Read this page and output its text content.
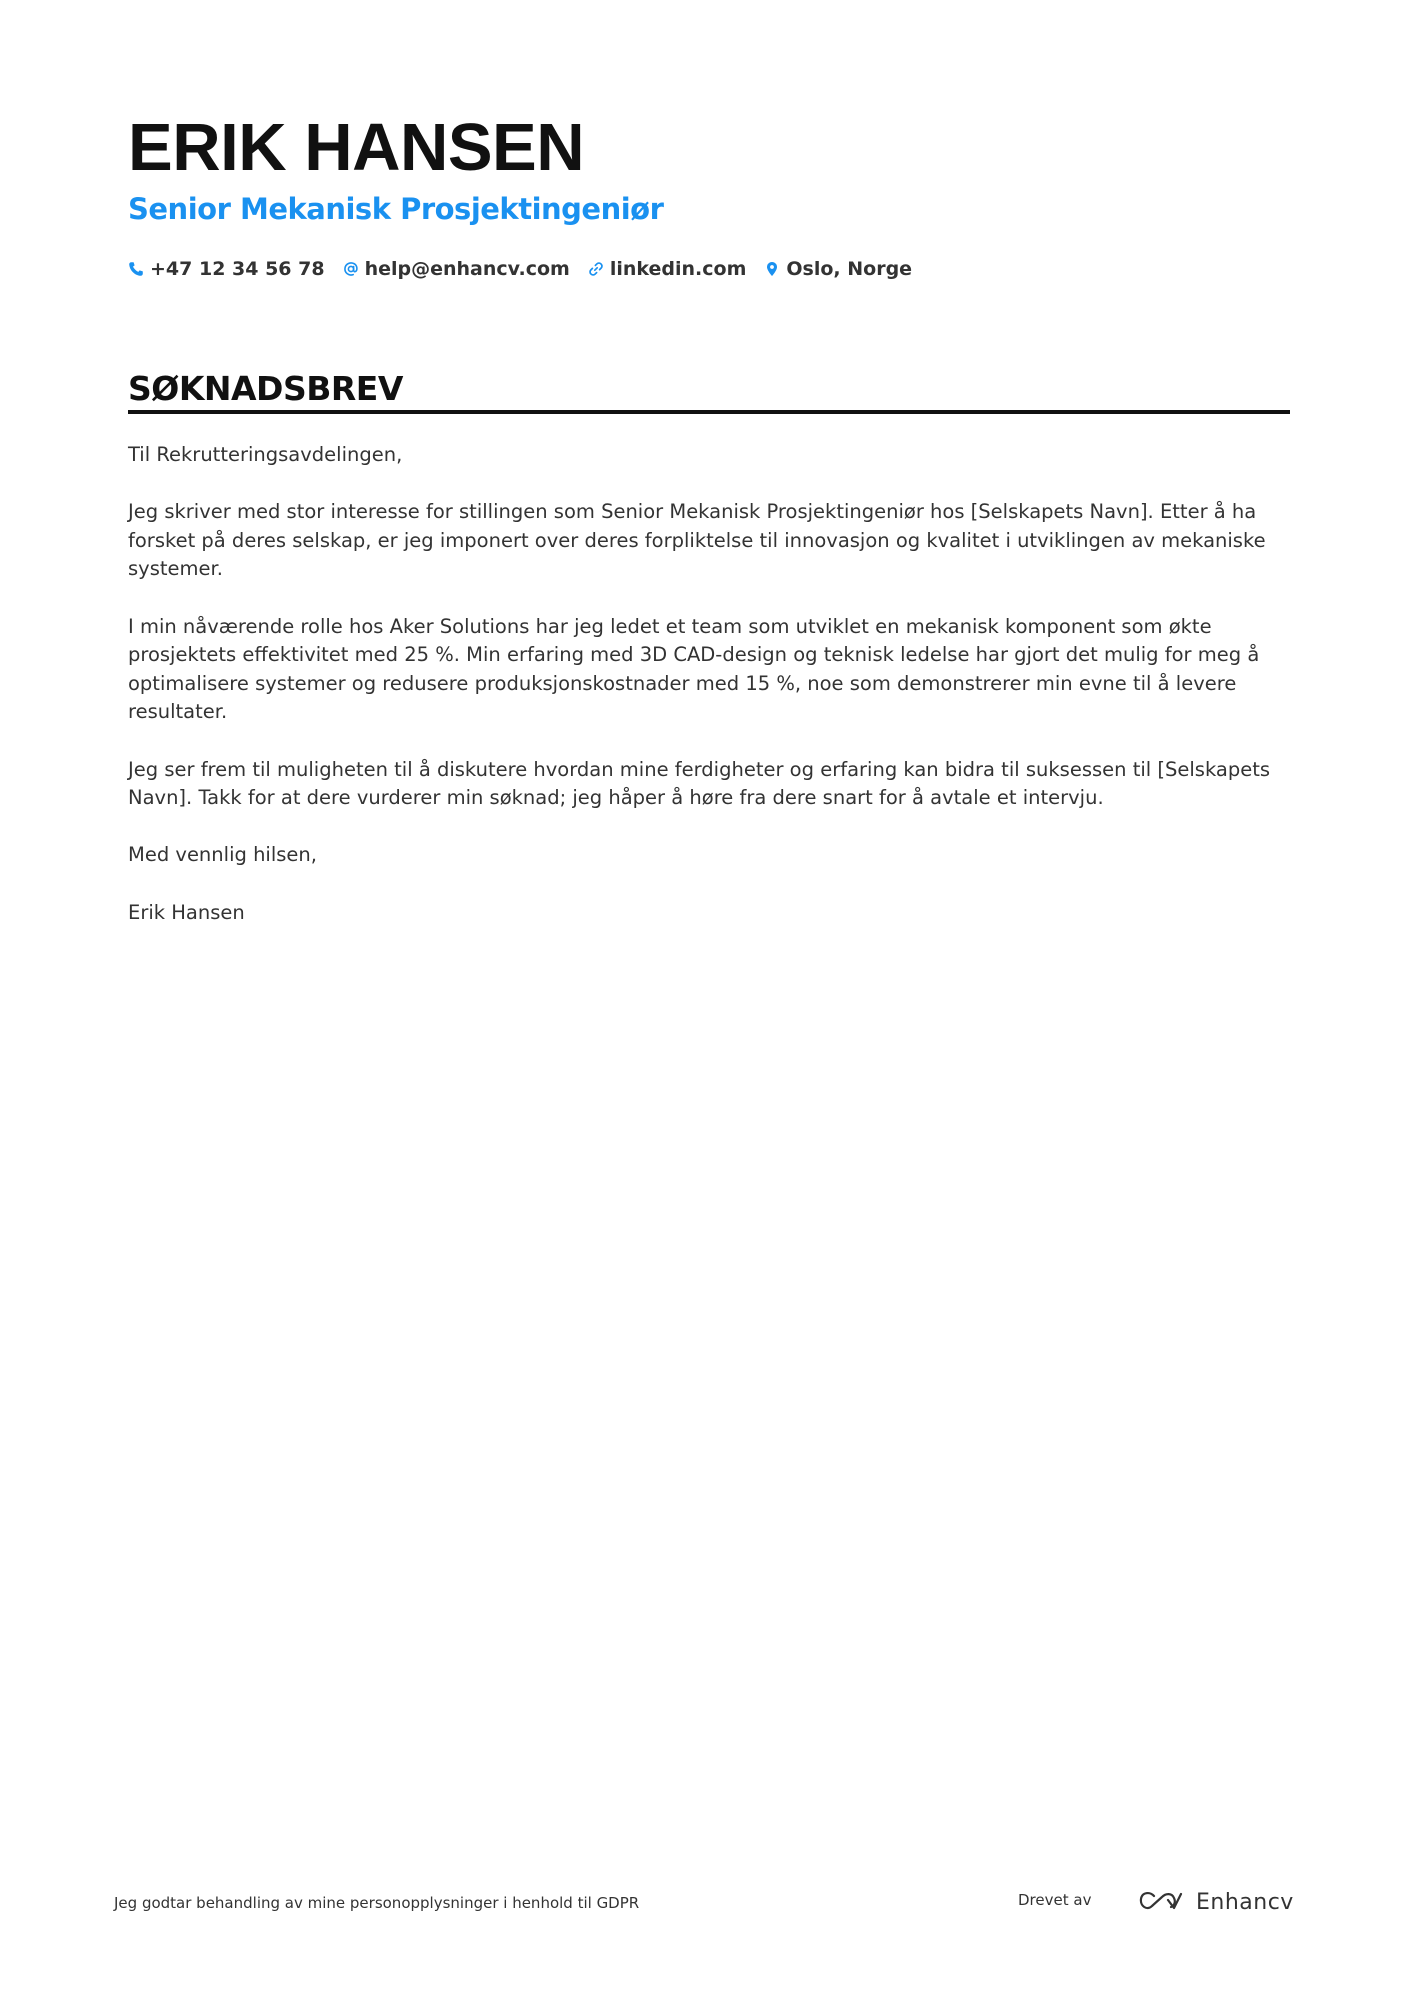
ERIK HANSEN
Senior Mekanisk Prosjektingeniør
+47 12 34 56 78 help@enhancv.com linkedin.com Oslo, Norge
SØKNADSBREV

Til Rekrutteringsavdelingen,

Jeg skriver med stor interesse for stillingen som Senior Mekanisk Prosjektingeniør hos [Selskapets Navn]. Etter å ha forsket på deres selskap, er jeg imponert over deres forpliktelse til innovasjon og kvalitet i utviklingen av mekaniske systemer.

I min nåværende rolle hos Aker Solutions har jeg ledet et team som utviklet en mekanisk komponent som økte prosjektets effektivitet med 25 %. Min erfaring med 3D CAD-design og teknisk ledelse har gjort det mulig for meg å optimalisere systemer og redusere produksjonskostnader med 15 %, noe som demonstrerer min evne til å levere resultater.

Jeg ser frem til muligheten til å diskutere hvordan mine ferdigheter og erfaring kan bidra til suksessen til [Selskapets Navn]. Takk for at dere vurderer min søknad; jeg håper å høre fra dere snart for å avtale et intervju.

Med vennlig hilsen,

Erik Hansen

Jeg godtar behandling av mine personopplysninger i henhold til GDPR	Drevet av	Enhancv
